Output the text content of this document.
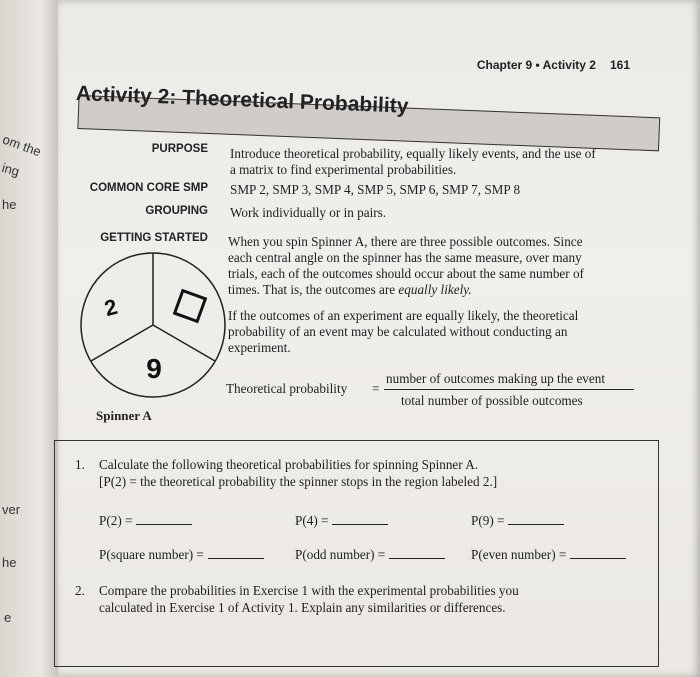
om the
ing
he
ver
he
e
Chapter 9 • Activity 2 161
Activity 2: Theoretical Probability
PURPOSE Introduce theoretical probability, equally likely events, and the use of
a matrix to find experimental probabilities.
COMMON CORE SMP SMP 2, SMP 3, SMP 4, SMP 5, SMP 6, SMP 7, SMP 8
GROUPING Work individually or in pairs.
GETTING STARTED When you spin Spinner A, there are three possible outcomes. Since
each central angle on the spinner has the same measure, over many
trials, each of the outcomes should occur about the same number of
times. That is, the outcomes are equally likely.
If the outcomes of an experiment are equally likely, the theoretical
probability of an event may be calculated without conducting an
experiment.
2
9
Spinner A
Theoretical probability =
number of outcomes making up the event
total number of possible outcomes
1. Calculate the following theoretical probabilities for spinning Spinner A.
[P(2) = the theoretical probability the spinner stops in the region labeled 2.]
P(2) =	P(4) =	P(9) =
P(square number) =	P(odd number) =	P(even number) =
2. Compare the probabilities in Exercise 1 with the experimental probabilities you
calculated in Exercise 1 of Activity 1. Explain any similarities or differences.
